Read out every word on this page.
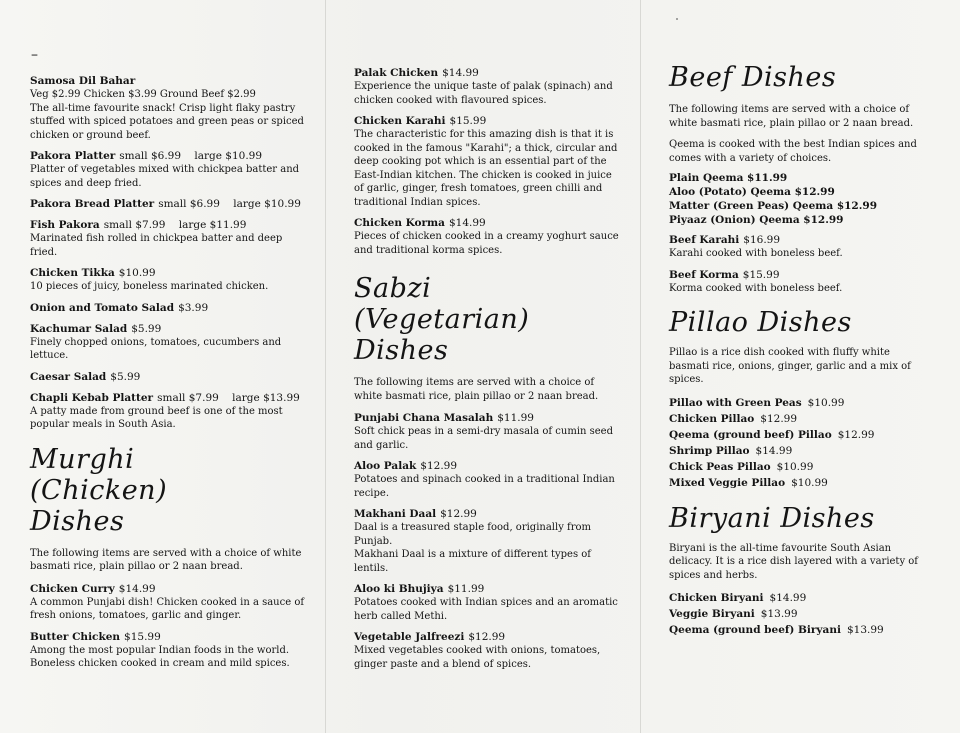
–
Samosa Dil Bahar
Veg $2.99 Chicken $3.99 Ground Beef $2.99
The all-time favourite snack! Crisp light flaky pastry stuffed with spiced potatoes and green peas or spiced chicken or ground beef.
Pakora Platter small $6.99    large $10.99
Platter of vegetables mixed with chickpea batter and spices and deep fried.
Pakora Bread Platter small $6.99    large $10.99
Fish Pakora small $7.99    large $11.99
Marinated fish rolled in chickpea batter and deep fried.
Chicken Tikka $10.99
10 pieces of juicy, boneless marinated chicken.
Onion and Tomato Salad $3.99
Kachumar Salad $5.99
Finely chopped onions, tomatoes, cucumbers and lettuce.
Caesar Salad $5.99
Chapli Kebab Platter small $7.99    large $13.99
A patty made from ground beef is one of the most popular meals in South Asia.
Murghi (Chicken) Dishes
The following items are served with a choice of white basmati rice, plain pillao or 2 naan bread.
Chicken Curry $14.99
A common Punjabi dish! Chicken cooked in a sauce of fresh onions, tomatoes, garlic and ginger.
Butter Chicken $15.99
Among the most popular Indian foods in the world. Boneless chicken cooked in cream and mild spices.
Palak Chicken $14.99
Experience the unique taste of palak (spinach) and chicken cooked with flavoured spices.
Chicken Karahi $15.99
The characteristic for this amazing dish is that it is cooked in the famous "Karahi"; a thick, circular and deep cooking pot which is an essential part of the East-Indian kitchen. The chicken is cooked in juice of garlic, ginger, fresh tomatoes, green chilli and traditional Indian spices.
Chicken Korma $14.99
Pieces of chicken cooked in a creamy yoghurt sauce and traditional korma spices.
Sabzi (Vegetarian) Dishes
The following items are served with a choice of white basmati rice, plain pillao or 2 naan bread.
Punjabi Chana Masalah $11.99
Soft chick peas in a semi-dry masala of cumin seed and garlic.
Aloo Palak $12.99
Potatoes and spinach cooked in a traditional Indian recipe.
Makhani Daal $12.99
Daal is a treasured staple food, originally from Punjab.
Makhani Daal is a mixture of different types of lentils.
Aloo ki Bhujiya $11.99
Potatoes cooked with Indian spices and an aromatic herb called Methi.
Vegetable Jalfreezi $12.99
Mixed vegetables cooked with onions, tomatoes, ginger paste and a blend of spices.
Beef Dishes
The following items are served with a choice of white basmati rice, plain pillao or 2 naan bread.
Qeema is cooked with the best Indian spices and comes with a variety of choices.
Plain Qeema $11.99
Aloo (Potato) Qeema $12.99
Matter (Green Peas) Qeema $12.99
Piyaaz (Onion) Qeema $12.99
Beef Karahi $16.99
Karahi cooked with boneless beef.
Beef Korma $15.99
Korma cooked with boneless beef.
Pillao Dishes
Pillao is a rice dish cooked with fluffy white basmati rice, onions, ginger, garlic and a mix of spices.
Pillao with Green Peas $10.99
Chicken Pillao $12.99
Qeema (ground beef) Pillao $12.99
Shrimp Pillao $14.99
Chick Peas Pillao $10.99
Mixed Veggie Pillao $10.99
Biryani Dishes
Biryani is the all-time favourite South Asian delicacy. It is a rice dish layered with a variety of spices and herbs.
Chicken Biryani $14.99
Veggie Biryani $13.99
Qeema (ground beef) Biryani $13.99
